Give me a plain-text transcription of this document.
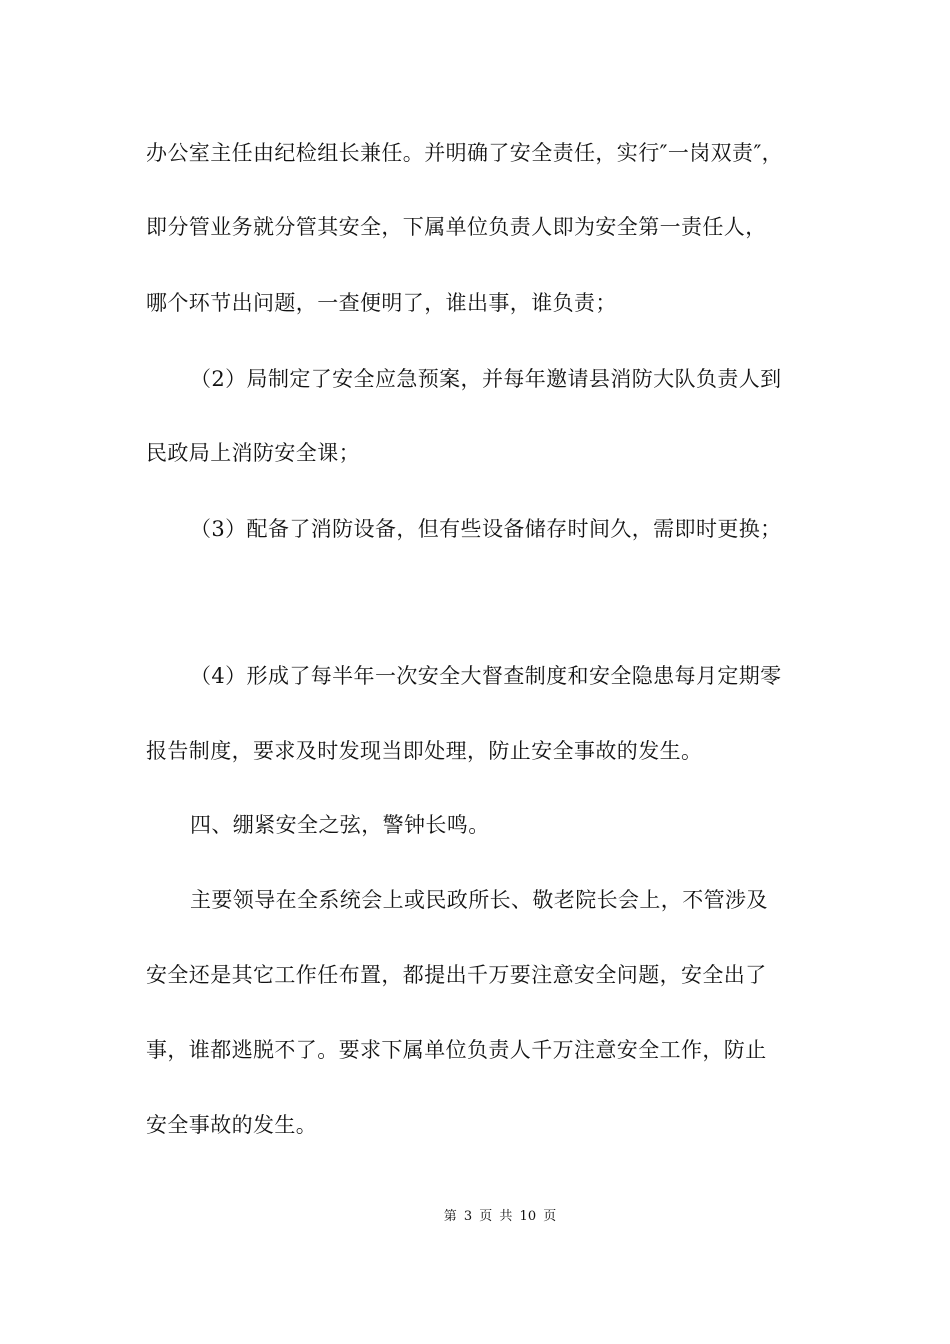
办公室主任由纪检组长兼任。并明确了安全责任，实行″一岗双责″，
即分管业务就分管其安全，下属单位负责人即为安全第一责任人，
哪个环节出问题，一查便明了，谁出事，谁负责；
（2）局制定了安全应急预案，并每年邀请县消防大队负责人到
民政局上消防安全课；
（3）配备了消防设备，但有些设备储存时间久，需即时更换；
（4）形成了每半年一次安全大督查制度和安全隐患每月定期零
报告制度，要求及时发现当即处理，防止安全事故的发生。
四、绷紧安全之弦，警钟长鸣。
主要领导在全系统会上或民政所长、敬老院长会上，不管涉及
安全还是其它工作任布置，都提出千万要注意安全问题，安全出了
事，谁都逃脱不了。要求下属单位负责人千万注意安全工作，防止
安全事故的发生。
第 3 页 共 10 页
